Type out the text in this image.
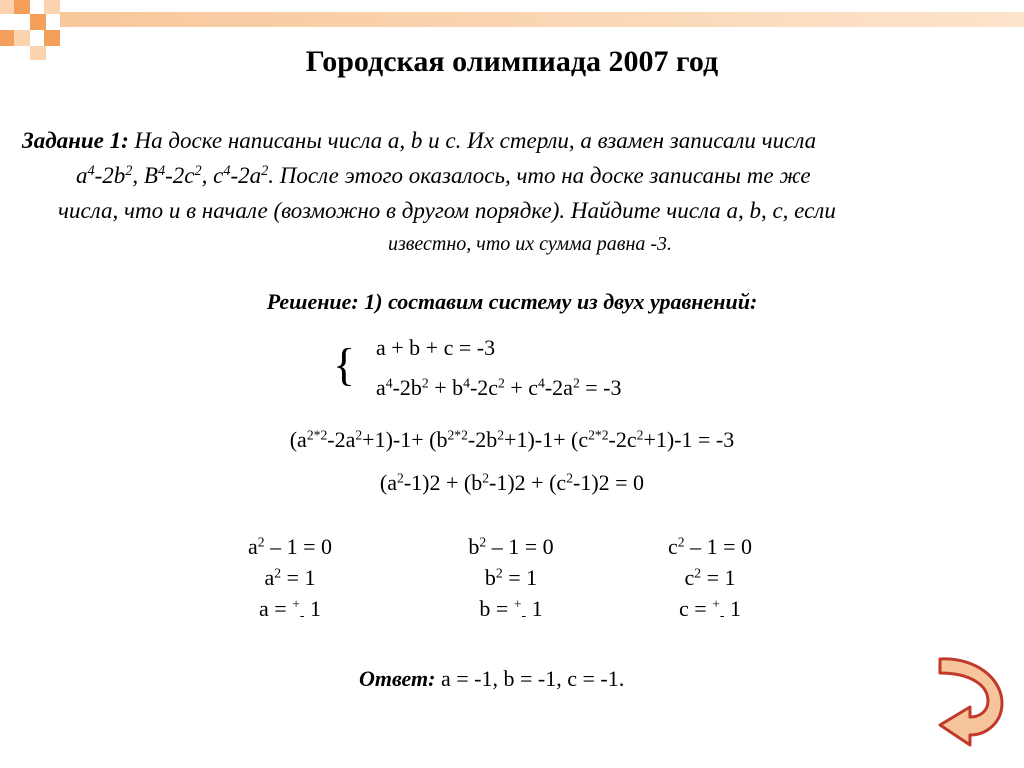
Городская олимпиада 2007 год
Задание 1: На доске написаны числа a, b и c. Их стерли, а взамен записали числа
$a^4-2b^2$, $B^4-2c^2$, $c^4-2a^2$. После этого оказалось, что на доске записаны те же
числа, что и в начале (возможно в другом порядке). Найдите числа a, b, c, если
известно, что их сумма равна -3.
Решение: 1) составим систему из двух уравнений:
{ a + b + c = -3
$a^4-2b^2 + b^4-2c^2 + c^4-2a^2 = -3$
$(a^{2*2}-2a^2+1)-1+ (b^{2*2}-2b^2+1)-1+ (c^{2*2}-2c^2+1)-1 = -3$
$(a^2-1)2 + (b^2-1)2 + (c^2-1)2 = 0$
$a^2 - 1 = 0$
$a^2 = 1$
a = +$_-$ 1
$b^2 - 1 = 0$
$b^2 = 1$
b = +$_-$ 1
$c^2 - 1 = 0$
$c^2 = 1$
c = +$_-$ 1
Ответ: a = -1, b = -1, c = -1.
